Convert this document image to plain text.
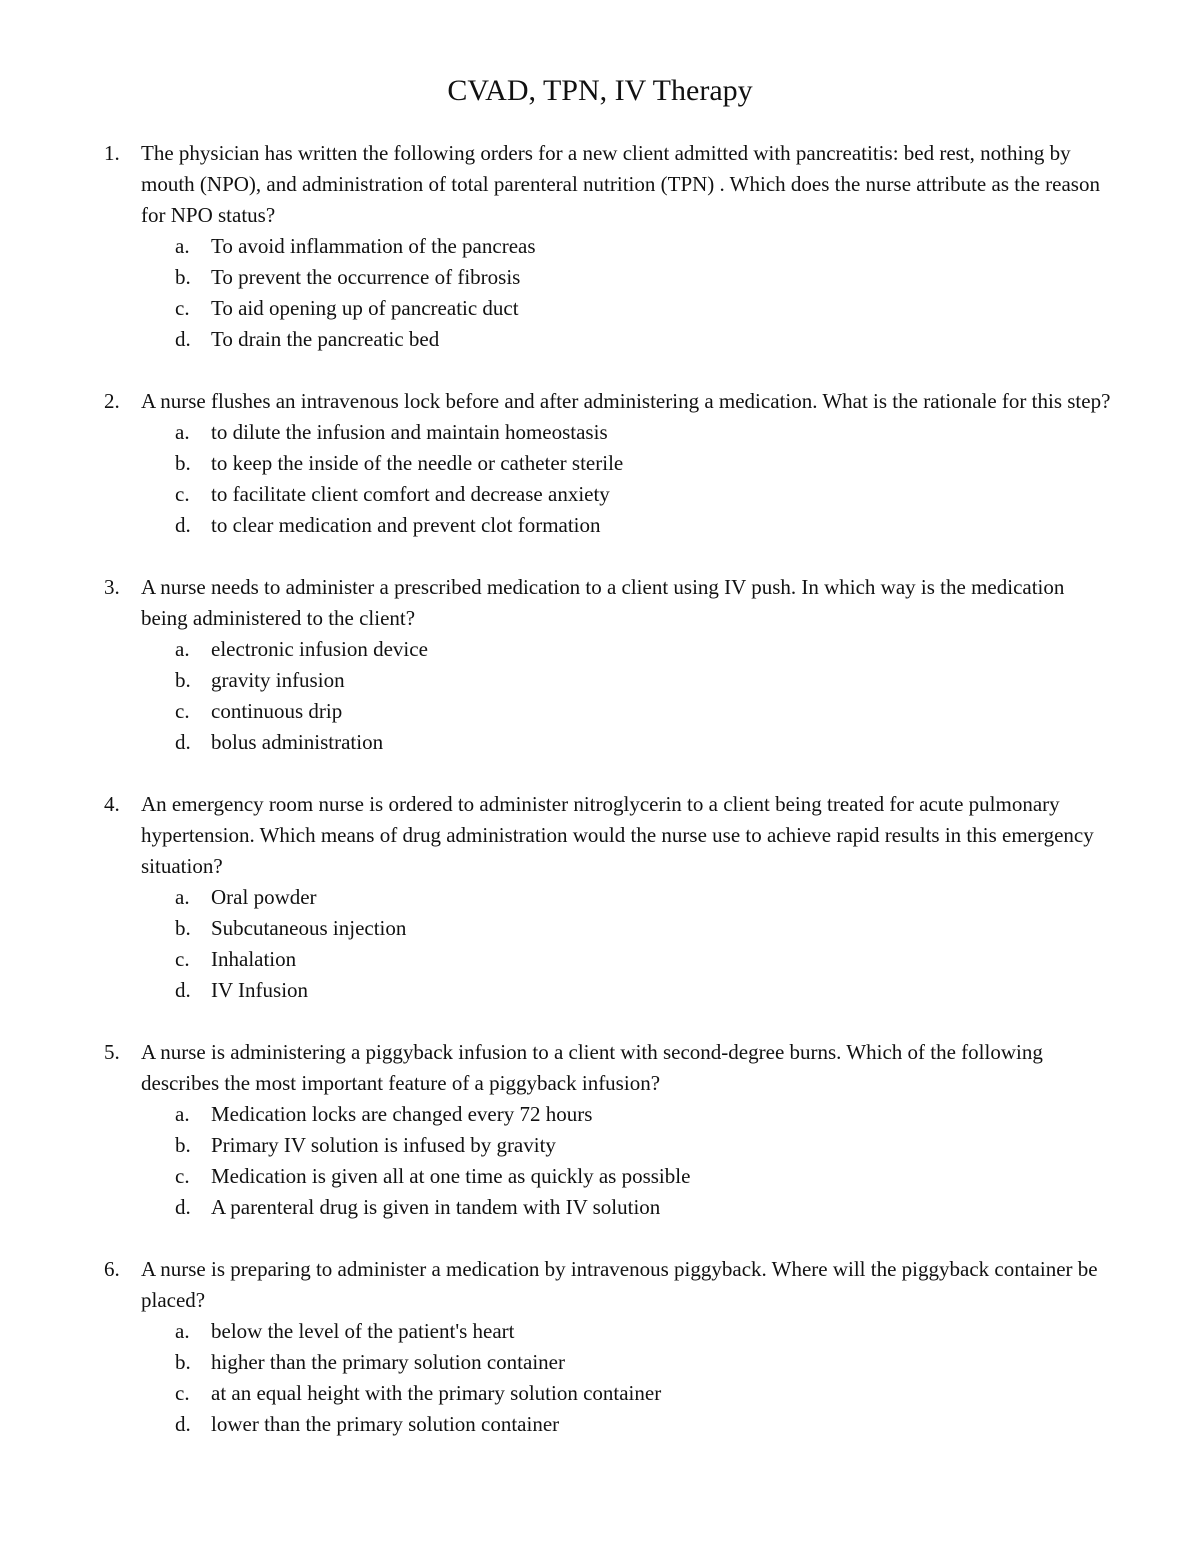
CVAD, TPN, IV Therapy
1. The physician has written the following orders for a new client admitted with pancreatitis: bed rest, nothing by mouth (NPO), and administration of total parenteral nutrition (TPN) . Which does the nurse attribute as the reason for NPO status?
a. To avoid inflammation of the pancreas
b. To prevent the occurrence of fibrosis
c. To aid opening up of pancreatic duct
d. To drain the pancreatic bed
2. A nurse flushes an intravenous lock before and after administering a medication. What is the rationale for this step?
a. to dilute the infusion and maintain homeostasis
b. to keep the inside of the needle or catheter sterile
c. to facilitate client comfort and decrease anxiety
d. to clear medication and prevent clot formation
3. A nurse needs to administer a prescribed medication to a client using IV push. In which way is the medication being administered to the client?
a. electronic infusion device
b. gravity infusion
c. continuous drip
d. bolus administration
4. An emergency room nurse is ordered to administer nitroglycerin to a client being treated for acute pulmonary hypertension. Which means of drug administration would the nurse use to achieve rapid results in this emergency situation?
a. Oral powder
b. Subcutaneous injection
c. Inhalation
d. IV Infusion
5. A nurse is administering a piggyback infusion to a client with second-degree burns. Which of the following describes the most important feature of a piggyback infusion?
a. Medication locks are changed every 72 hours
b. Primary IV solution is infused by gravity
c. Medication is given all at one time as quickly as possible
d. A parenteral drug is given in tandem with IV solution
6. A nurse is preparing to administer a medication by intravenous piggyback. Where will the piggyback container be placed?
a. below the level of the patient's heart
b. higher than the primary solution container
c. at an equal height with the primary solution container
d. lower than the primary solution container
